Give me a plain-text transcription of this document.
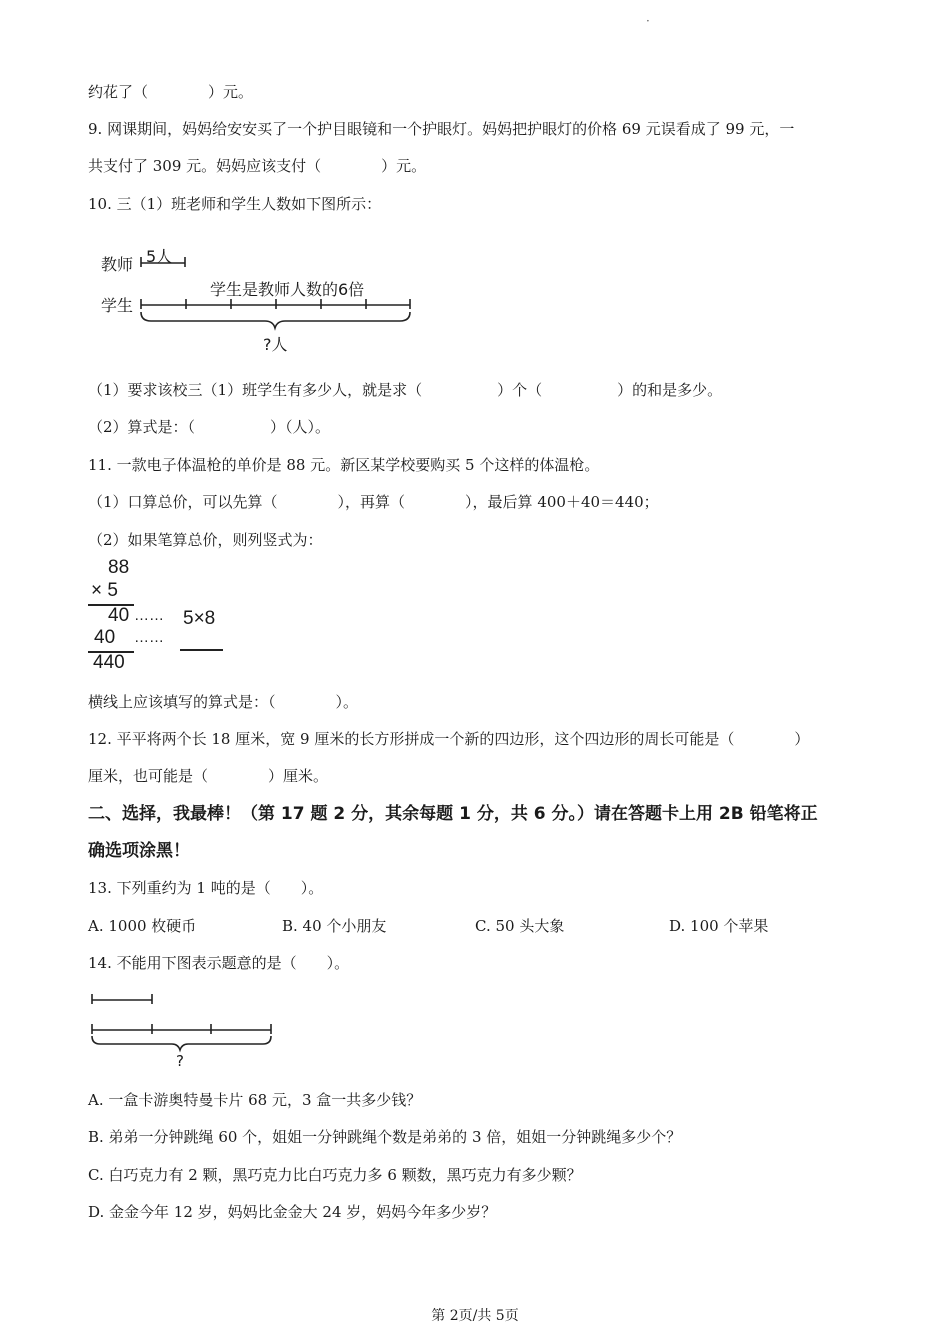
·
约花了（　　　　）元。
9. 网课期间，妈妈给安安买了一个护目眼镜和一个护眼灯。妈妈把护眼灯的价格 69 元误看成了 99 元，一
共支付了 309 元。妈妈应该支付（　　　　）元。
10. 三（1）班老师和学生人数如下图所示：
教师 5人
学生
学生是教师人数的6倍
?人
（1）要求该校三（1）班学生有多少人，就是求（　　　　　）个（　　　　　）的和是多少。
（2）算式是：（　　　　　）（人）。
11. 一款电子体温枪的单价是 88 元。新区某学校要购买 5 个这样的体温枪。
（1）口算总价，可以先算（　　　　），再算（　　　　），最后算 400＋40＝440；
（2）如果笔算总价，则列竖式为：
88
× 5
40 …… 5×8
40 ……
440
横线上应该填写的算式是：（　　　　）。
12. 平平将两个长 18 厘米，宽 9 厘米的长方形拼成一个新的四边形，这个四边形的周长可能是（　　　　）
厘米，也可能是（　　　　）厘米。
二、选择，我最棒！（第 17 题 2 分，其余每题 1 分，共 6 分。）请在答题卡上用 2B 铅笔将正
确选项涂黑！
13. 下列重约为 1 吨的是（　　）。
A. 1000 枚硬币	B. 40 个小朋友	C. 50 头大象	D. 100 个苹果
14. 不能用下图表示题意的是（　　）。
?
A. 一盒卡游奥特曼卡片 68 元，3 盒一共多少钱？
B. 弟弟一分钟跳绳 60 个，姐姐一分钟跳绳个数是弟弟的 3 倍，姐姐一分钟跳绳多少个？
C. 白巧克力有 2 颗，黑巧克力比白巧克力多 6 颗数，黑巧克力有多少颗？
D. 金金今年 12 岁，妈妈比金金大 24 岁，妈妈今年多少岁？
第 2页/共 5页
